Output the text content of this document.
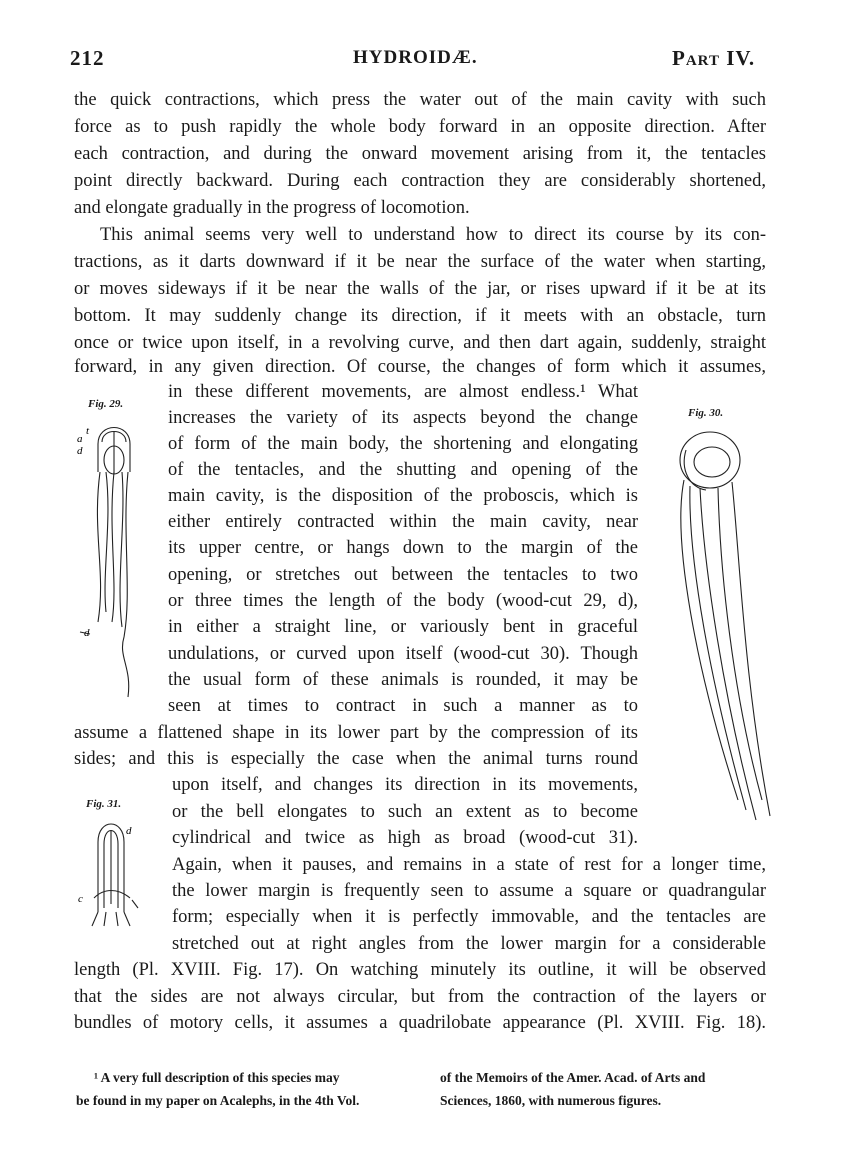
212	HYDROIDÆ.	Part IV.
the quick contractions, which press the water out of the main cavity with such
force as to push rapidly the whole body forward in an opposite direction. After
each contraction, and during the onward movement arising from it, the tentacles
point directly backward. During each contraction they are considerably shortened,
and elongate gradually in the progress of locomotion.
This animal seems very well to understand how to direct its course by its con-
tractions, as it darts downward if it be near the surface of the water when starting,
or moves sideways if it be near the walls of the jar, or rises upward if it be at its
bottom. It may suddenly change its direction, if it meets with an obstacle, turn
once or twice upon itself, in a revolving curve, and then dart again, suddenly, straight
forward, in any given direction. Of course, the changes of form which it assumes,
in these different movements, are almost endless.¹ What
increases the variety of its aspects beyond the change
of form of the main body, the shortening and elongating
of the tentacles, and the shutting and opening of the
main cavity, is the disposition of the proboscis, which is
either entirely contracted within the main cavity, near
its upper centre, or hangs down to the margin of the
opening, or stretches out between the tentacles to two
or three times the length of the body (wood-cut 29, d),
in either a straight line, or variously bent in graceful
undulations, or curved upon itself (wood-cut 30). Though
the usual form of these animals is rounded, it may be
seen at times to contract in such a manner as to
assume a flattened shape in its lower part by the compression of its
sides; and this is especially the case when the animal turns round
upon itself, and changes its direction in its movements,
or the bell elongates to such an extent as to become
cylindrical and twice as high as broad (wood-cut 31).
Again, when it pauses, and remains in a state of rest for a longer time,
the lower margin is frequently seen to assume a square or quadrangular
form; especially when it is perfectly immovable, and the tentacles are
stretched out at right angles from the lower margin for a considerable
length (Pl. XVIII. Fig. 17). On watching minutely its outline, it will be observed
that the sides are not always circular, but from the contraction of the layers or
bundles of motory cells, it assumes a quadrilobate appearance (Pl. XVIII. Fig. 18).
Fig. 29.
t
a
d
d
Fig. 30.
Fig. 31.
d
c
¹ A very full description of this species may
be found in my paper on Acalephs, in the 4th Vol.
of the Memoirs of the Amer. Acad. of Arts and
Sciences, 1860, with numerous figures.
